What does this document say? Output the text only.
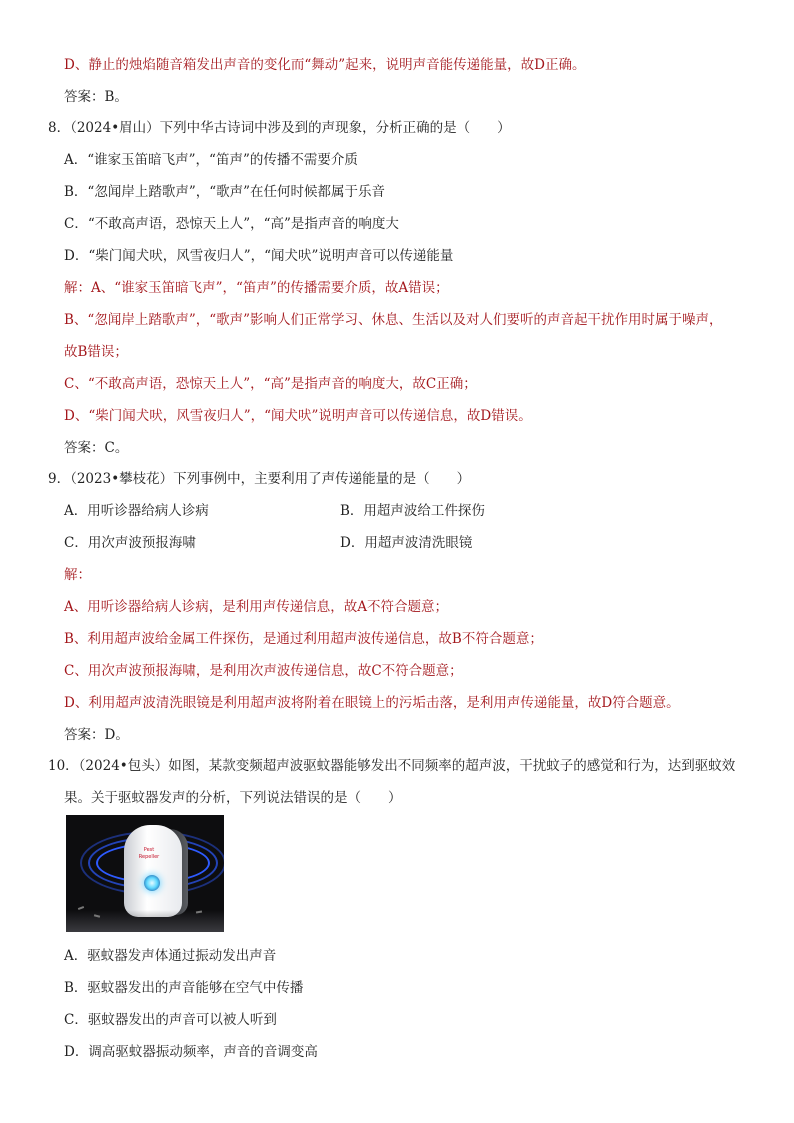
D、静止的烛焰随音箱发出声音的变化而“舞动”起来，说明声音能传递能量，故D正确。
答案：B。
8．（2024•眉山）下列中华古诗词中涉及到的声现象，分析正确的是（　　）
A．“谁家玉笛暗飞声”，“笛声”的传播不需要介质
B．“忽闻岸上踏歌声”，“歌声”在任何时候都属于乐音
C．“不敢高声语，恐惊天上人”，“高”是指声音的响度大
D．“柴门闻犬吠，风雪夜归人”，“闻犬吠”说明声音可以传递能量
解：A、“谁家玉笛暗飞声”，“笛声”的传播需要介质，故A错误；
B、“忽闻岸上踏歌声”，“歌声”影响人们正常学习、休息、生活以及对人们要听的声音起干扰作用时属于噪声，
故B错误；
C、“不敢高声语，恐惊天上人”，“高”是指声音的响度大，故C正确；
D、“柴门闻犬吠，风雪夜归人”，“闻犬吠”说明声音可以传递信息，故D错误。
答案：C。
9．（2023•攀枝花）下列事例中，主要利用了声传递能量的是（　　）
A．用听诊器给病人诊病	B．用超声波给工件探伤
C．用次声波预报海啸	D．用超声波清洗眼镜
解：
A、用听诊器给病人诊病，是利用声传递信息，故A不符合题意；
B、利用超声波给金属工件探伤，是通过利用超声波传递信息，故B不符合题意；
C、用次声波预报海啸，是利用次声波传递信息，故C不符合题意；
D、利用超声波清洗眼镜是利用超声波将附着在眼镜上的污垢击落，是利用声传递能量，故D符合题意。
答案：D。
10．（2024•包头）如图，某款变频超声波驱蚊器能够发出不同频率的超声波，干扰蚊子的感觉和行为，达到驱蚊效
果。关于驱蚊器发声的分析，下列说法错误的是（　　）
Pest
Repeller
A．驱蚊器发声体通过振动发出声音
B．驱蚊器发出的声音能够在空气中传播
C．驱蚊器发出的声音可以被人听到
D．调高驱蚊器振动频率，声音的音调变高
